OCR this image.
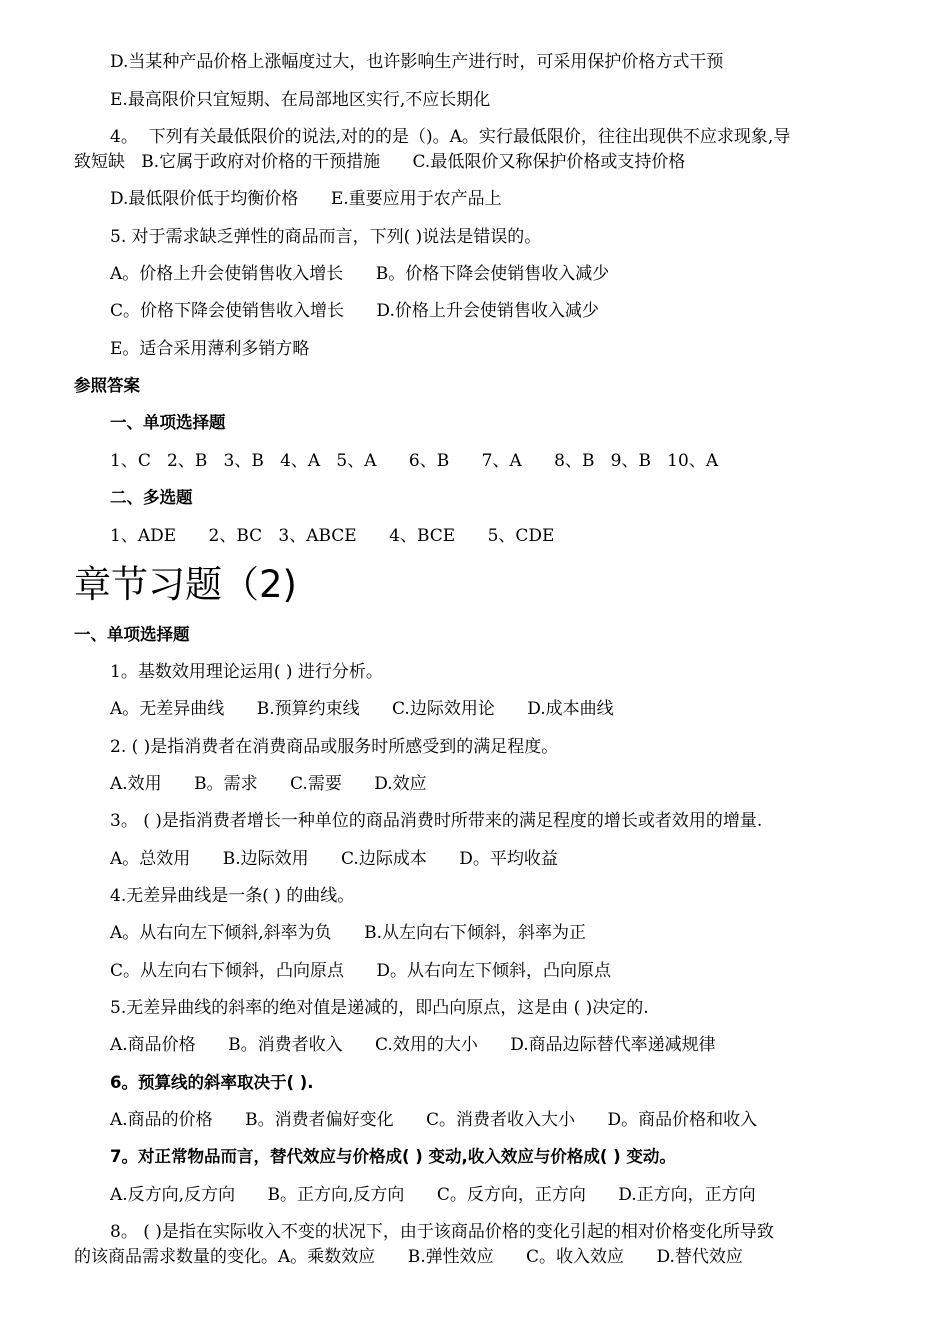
D.当某种产品价格上涨幅度过大，也许影响生产进行时，可采用保护价格方式干预
E.最高限价只宜短期、在局部地区实行,不应长期化
4。  下列有关最低限价的说法,对的的是（)。A。实行最低限价，往往出现供不应求现象,导
致短缺   B.它属于政府对价格的干预措施      C.最低限价又称保护价格或支持价格
D.最低限价低于均衡价格      E.重要应用于农产品上
5. 对于需求缺乏弹性的商品而言，下列( )说法是错误的。
A。价格上升会使销售收入增长      B。价格下降会使销售收入减少
C。价格下降会使销售收入增长      D.价格上升会使销售收入减少
E。适合采用薄利多销方略
参照答案
一、单项选择题
1、C   2、B   3、B   4、A   5、A      6、B      7、A      8、B   9、B   10、A
二、多选题
1、ADE      2、BC   3、ABCE      4、BCE      5、CDE
章节习题（2)
一、单项选择题
1。基数效用理论运用( ) 进行分析。
A。无差异曲线      B.预算约束线      C.边际效用论      D.成本曲线
2. ( )是指消费者在消费商品或服务时所感受到的满足程度。
A.效用      B。需求      C.需要      D.效应
3。 ( )是指消费者增长一种单位的商品消费时所带来的满足程度的增长或者效用的增量.
A。总效用      B.边际效用      C.边际成本      D。平均收益
4.无差异曲线是一条( ) 的曲线。
A。从右向左下倾斜,斜率为负      B.从左向右下倾斜，斜率为正
C。从左向右下倾斜，凸向原点      D。从右向左下倾斜，凸向原点
5.无差异曲线的斜率的绝对值是递减的，即凸向原点，这是由 ( )决定的.
A.商品价格      B。消费者收入      C.效用的大小      D.商品边际替代率递减规律
6。预算线的斜率取决于( ).
A.商品的价格      B。消费者偏好变化      C。消费者收入大小      D。商品价格和收入
7。对正常物品而言，替代效应与价格成( ) 变动,收入效应与价格成( ) 变动。
A.反方向,反方向      B。正方向,反方向      C。反方向，正方向      D.正方向，正方向
8。 ( )是指在实际收入不变的状况下，由于该商品价格的变化引起的相对价格变化所导致
的该商品需求数量的变化。A。乘数效应      B.弹性效应      C。收入效应      D.替代效应
